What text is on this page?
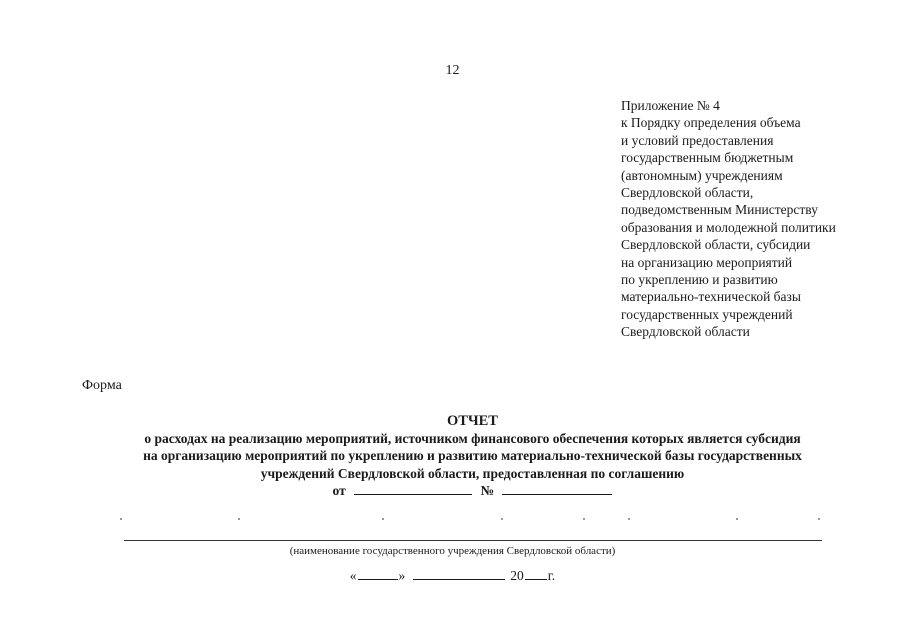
12
Приложение № 4
к Порядку определения объема
и условий предоставления
государственным бюджетным
(автономным) учреждениям
Свердловской области,
подведомственным Министерству
образования и молодежной политики
Свердловской области, субсидии
на организацию мероприятий
по укреплению и развитию
материально-технической базы
государственных учреждений
Свердловской области
Форма
ОТЧЕТ
о расходах на реализацию мероприятий, источником финансового обеспечения которых является субсидия
на организацию мероприятий по укреплению и развитию материально-технической базы государственных
учреждений Свердловской области, предоставленная по соглашению
от	№
(наименование государственного учреждения Свердловской области)
«	»	20 г.
